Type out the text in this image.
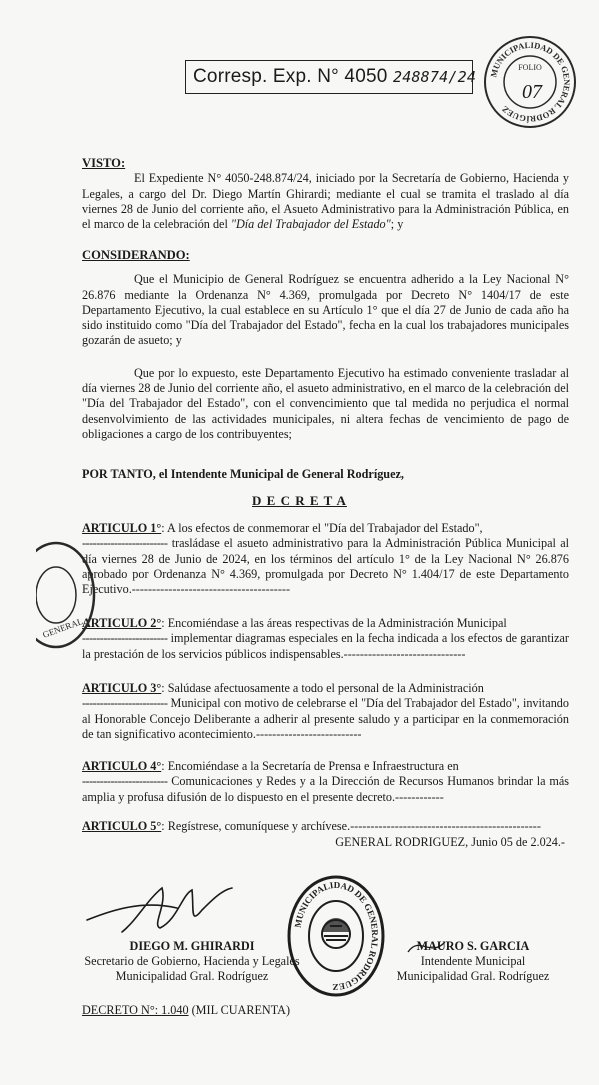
Corresp. Exp. N° 4050 248874/24 MUNICIPALIDAD DE GENERAL RODRÍGUEZ
FOLIO
07
VISTO:

El Expediente N° 4050-248.874/24, iniciado por la Secretaría de Gobierno, Hacienda y Legales, a cargo del Dr. Diego Martín Ghirardi; mediante el cual se tramita el traslado al día viernes 28 de Junio del corriente año, el Asueto Administrativo para la Administración Pública, en el marco de la celebración del "Día del Trabajador del Estado"; y

CONSIDERANDO:

Que el Municipio de General Rodríguez se encuentra adherido a la Ley Nacional N° 26.876 mediante la Ordenanza N° 4.369, promulgada por Decreto N° 1404/17 de este Departamento Ejecutivo, la cual establece en su Artículo 1° que el día 27 de Junio de cada año ha sido instituido como "Día del Trabajador del Estado", fecha en la cual los trabajadores municipales gozarán de asueto; y

Que por lo expuesto, este Departamento Ejecutivo ha estimado conveniente trasladar al día viernes 28 de Junio del corriente año, el asueto administrativo, en el marco de la celebración del "Día del Trabajador del Estado", con el convencimiento que tal medida no perjudica el normal desenvolvimiento de las actividades municipales, ni altera fechas de vencimiento de pago de obligaciones a cargo de los contribuyentes;

POR TANTO, el Intendente Municipal de General Rodríguez,
D E C R E T A

ARTICULO 1°: A los efectos de conmemorar el "Día del Trabajador del Estado",
------------------------ trasládase el asueto administrativo para la Administración Pública Municipal al día viernes 28 de Junio de 2024, en los términos del artículo 1° de la Ley Nacional N° 26.876 aprobado por Ordenanza N° 4.369, promulgada por Decreto N° 1.404/17 de este Departamento Ejecutivo.---------------------------------------

ARTICULO 2°: Encomiéndase a las áreas respectivas de la Administración Municipal
------------------------ implementar diagramas especiales en la fecha indicada a los efectos de garantizar la prestación de los servicios públicos indispensables.------------------------------

ARTICULO 3°: Salúdase afectuosamente a todo el personal de la Administración
------------------------ Municipal con motivo de celebrarse el "Día del Trabajador del Estado", invitando al Honorable Concejo Deliberante a adherir al presente saludo y a participar en la conmemoración de tan significativo acontecimiento.--------------------------

ARTICULO 4°: Encomiéndase a la Secretaría de Prensa e Infraestructura en
------------------------ Comunicaciones y Redes y a la Dirección de Recursos Humanos brindar la más amplia y profusa difusión de lo dispuesto en el presente decreto.------------

ARTICULO 5°: Regístrese, comuníquese y archívese.-----------------------------------------------

GENERAL RODRIGUEZ, Junio 05 de 2.024.-
MUNICIPALIDAD DE GENERAL RODRIGUEZ
GENERAL
DIEGO M. GHIRARDI
Secretario de Gobierno, Hacienda y Legales
Municipalidad Gral. Rodríguez
MAURO S. GARCIA
Intendente Municipal
Municipalidad Gral. Rodríguez
DECRETO N°: 1.040 (MIL CUARENTA)
